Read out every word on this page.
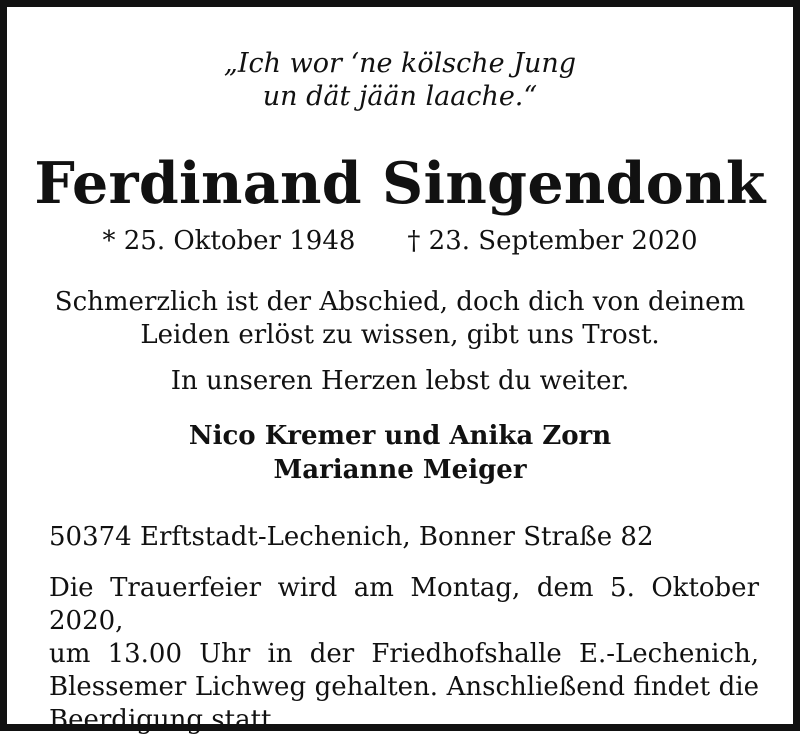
„Ich wor ‘ne kölsche Jung
un dät jään laache.“
Ferdinand Singendonk
* 25. Oktober 1948 † 23. September 2020
Schmerzlich ist der Abschied, doch dich von deinem
Leiden erlöst zu wissen, gibt uns Trost.
In unseren Herzen lebst du weiter.
Nico Kremer und Anika Zorn
Marianne Meiger
50374 Erftstadt-Lechenich, Bonner Straße 82
Die Trauerfeier wird am Montag, dem 5. Oktober 2020,
um 13.00 Uhr in der Friedhofshalle E.-Lechenich,
Blessemer Lichweg gehalten. Anschließend findet die
Beerdigung statt.
